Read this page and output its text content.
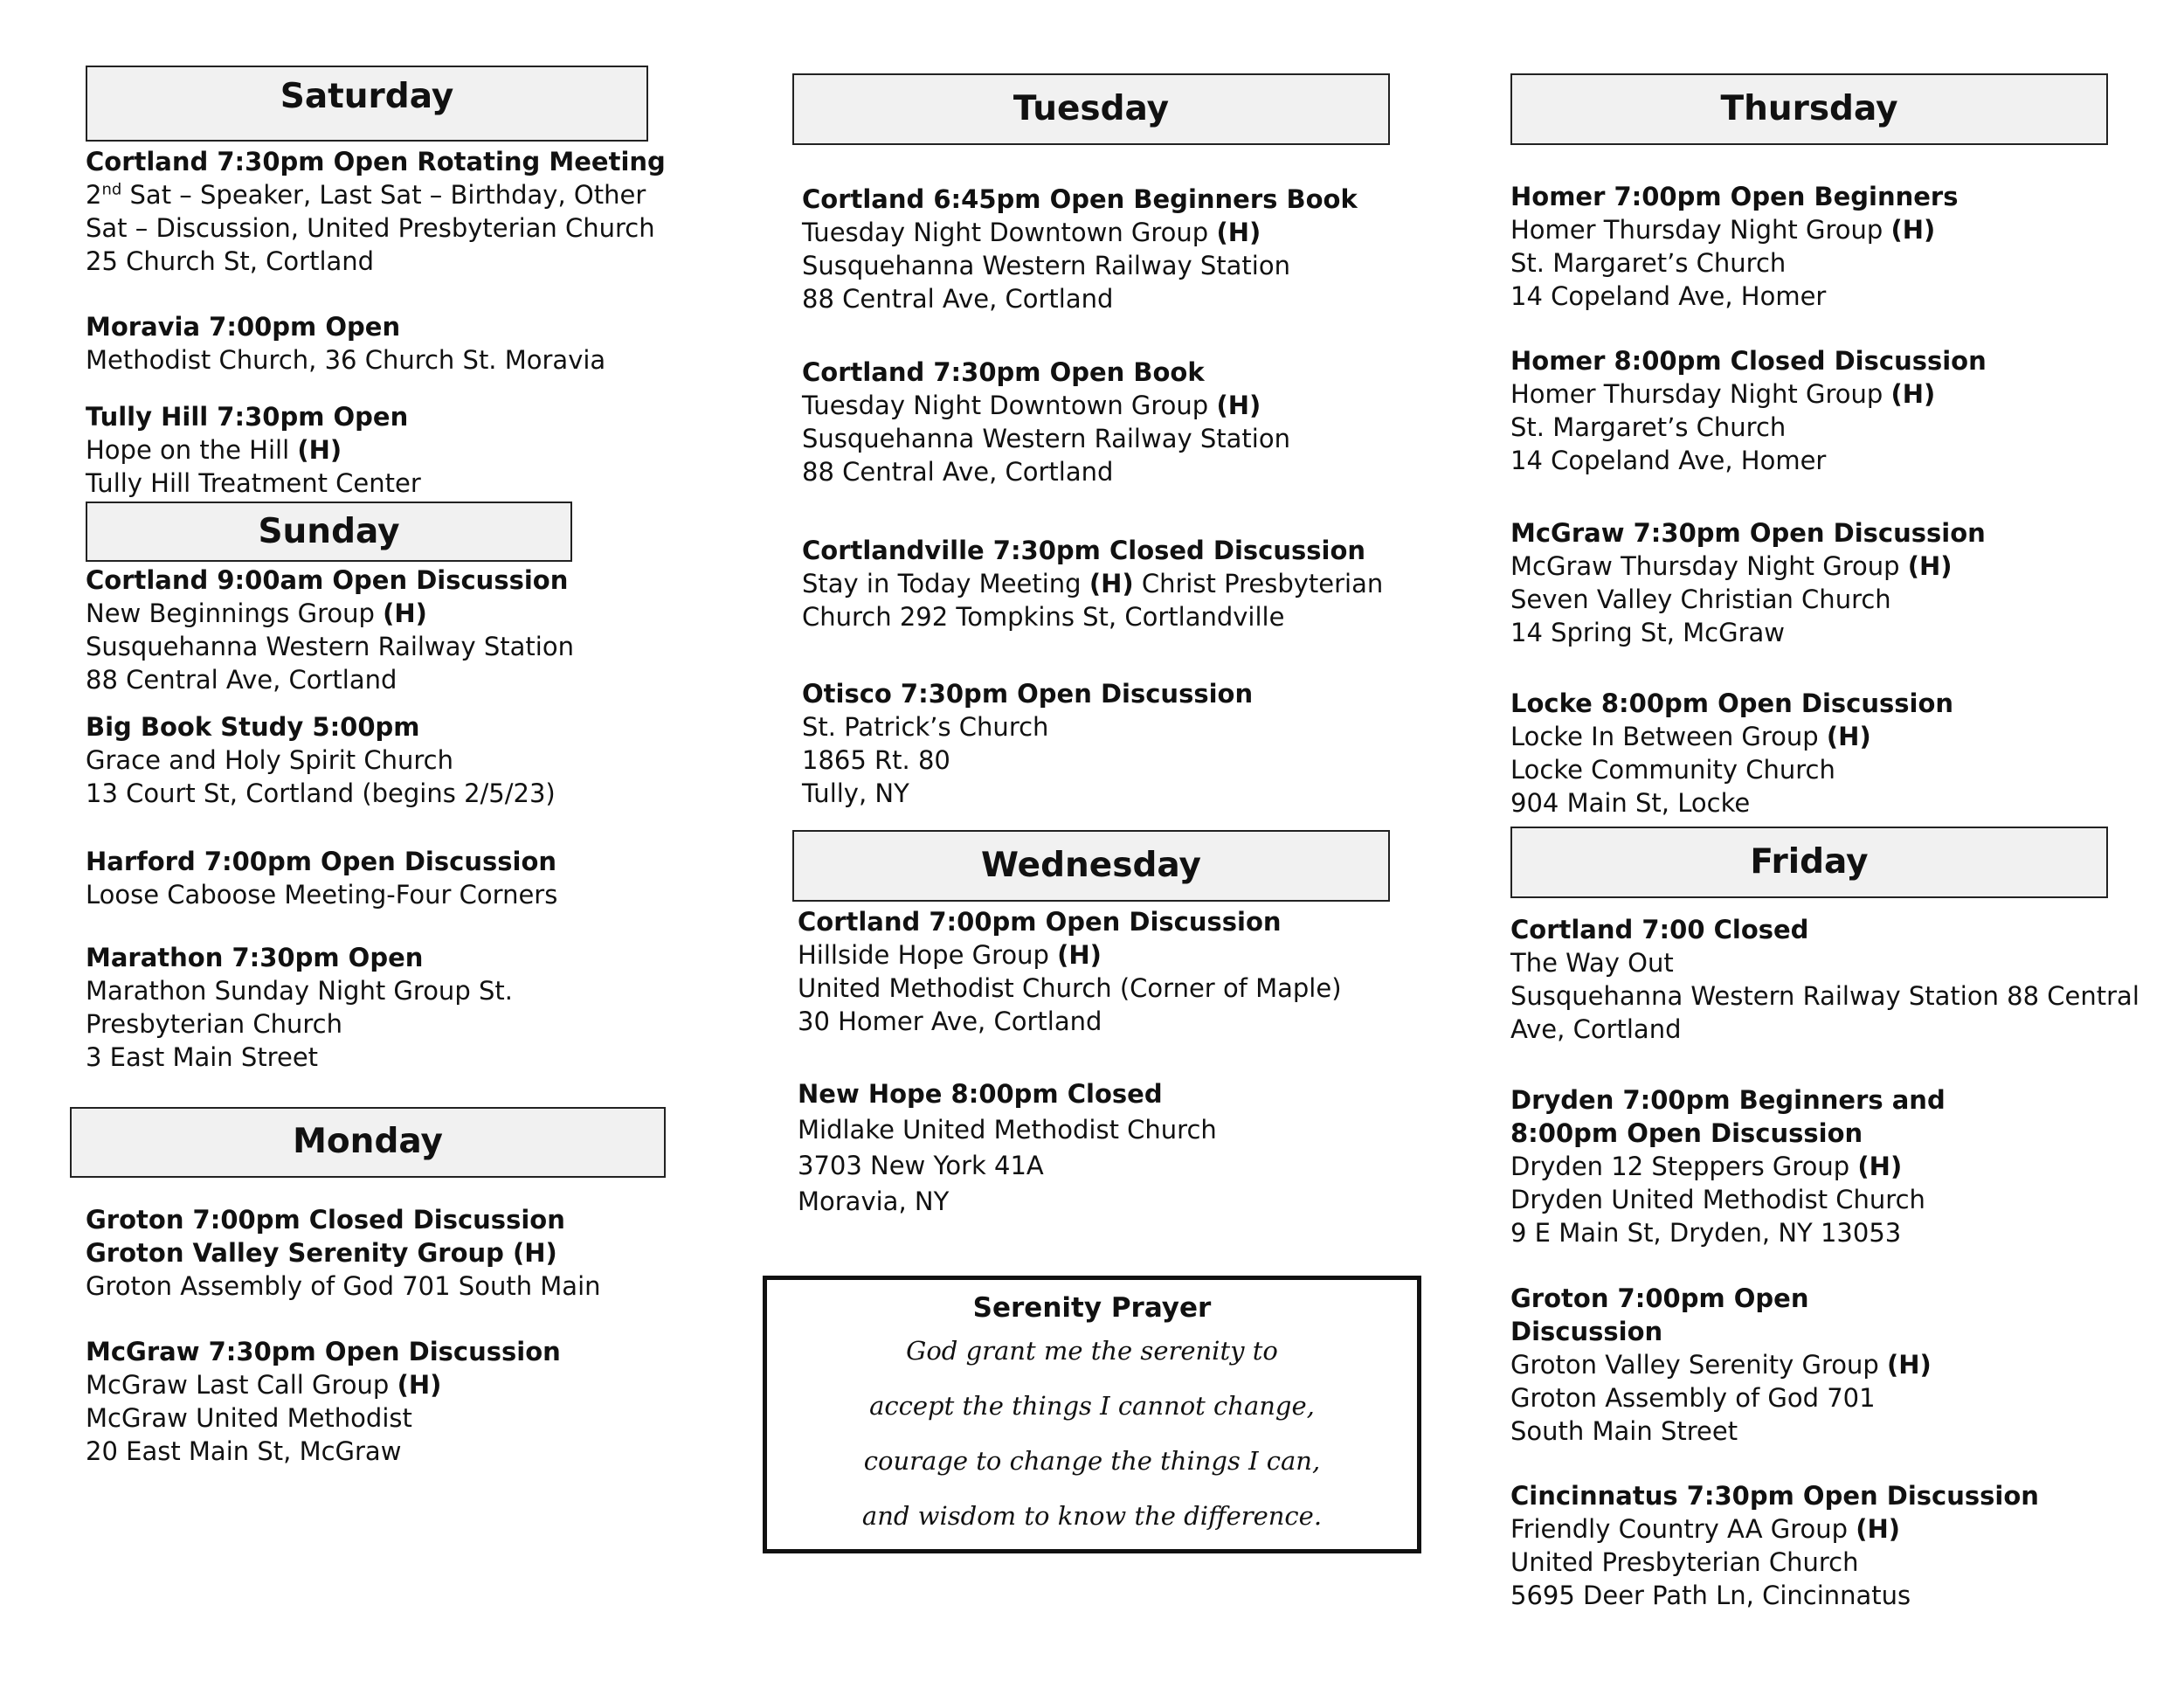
Saturday
Cortland 7:30pm Open Rotating Meeting
2nd Sat – Speaker, Last Sat – Birthday, Other
Sat – Discussion, United Presbyterian Church
25 Church St, Cortland
Moravia 7:00pm Open
Methodist Church, 36 Church St. Moravia
Tully Hill 7:30pm Open
Hope on the Hill (H)
Tully Hill Treatment Center
Sunday
Cortland 9:00am Open Discussion
New Beginnings Group (H)
Susquehanna Western Railway Station
88 Central Ave, Cortland
Big Book Study 5:00pm
Grace and Holy Spirit Church
13 Court St, Cortland (begins 2/5/23)
Harford 7:00pm Open Discussion
Loose Caboose Meeting-Four Corners
Marathon 7:30pm Open
Marathon Sunday Night Group St.
Presbyterian Church
3 East Main Street
Monday
Groton 7:00pm Closed Discussion
Groton Valley Serenity Group (H)
Groton Assembly of God 701 South Main
McGraw 7:30pm Open Discussion
McGraw Last Call Group (H)
McGraw United Methodist
20 East Main St, McGraw
Tuesday
Cortland 6:45pm Open Beginners Book
Tuesday Night Downtown Group (H)
Susquehanna Western Railway Station
88 Central Ave, Cortland
Cortland 7:30pm Open Book
Tuesday Night Downtown Group (H)
Susquehanna Western Railway Station
88 Central Ave, Cortland
Cortlandville 7:30pm Closed Discussion
Stay in Today Meeting (H) Christ Presbyterian
Church 292 Tompkins St, Cortlandville
Otisco 7:30pm Open Discussion
St. Patrick’s Church
1865 Rt. 80
Tully, NY
Wednesday
Cortland 7:00pm Open Discussion
Hillside Hope Group (H)
United Methodist Church (Corner of Maple)
30 Homer Ave, Cortland
New Hope 8:00pm Closed
Midlake United Methodist Church
3703 New York 41A
Moravia, NY
Serenity Prayer
God grant me the serenity to
accept the things I cannot change,
courage to change the things I can,
and wisdom to know the difference.
Thursday
Homer 7:00pm Open Beginners
Homer Thursday Night Group (H)
St. Margaret’s Church
14 Copeland Ave, Homer
Homer 8:00pm Closed Discussion
Homer Thursday Night Group (H)
St. Margaret’s Church
14 Copeland Ave, Homer
McGraw 7:30pm Open Discussion
McGraw Thursday Night Group (H)
Seven Valley Christian Church
14 Spring St, McGraw
Locke 8:00pm Open Discussion
Locke In Between Group (H)
Locke Community Church
904 Main St, Locke
Friday
Cortland 7:00 Closed
The Way Out
Susquehanna Western Railway Station 88 Central
Ave, Cortland
Dryden 7:00pm Beginners and
8:00pm Open Discussion
Dryden 12 Steppers Group (H)
Dryden United Methodist Church
9 E Main St, Dryden, NY 13053
Groton 7:00pm Open
Discussion
Groton Valley Serenity Group (H)
Groton Assembly of God 701
South Main Street
Cincinnatus 7:30pm Open Discussion
Friendly Country AA Group (H)
United Presbyterian Church
5695 Deer Path Ln, Cincinnatus
